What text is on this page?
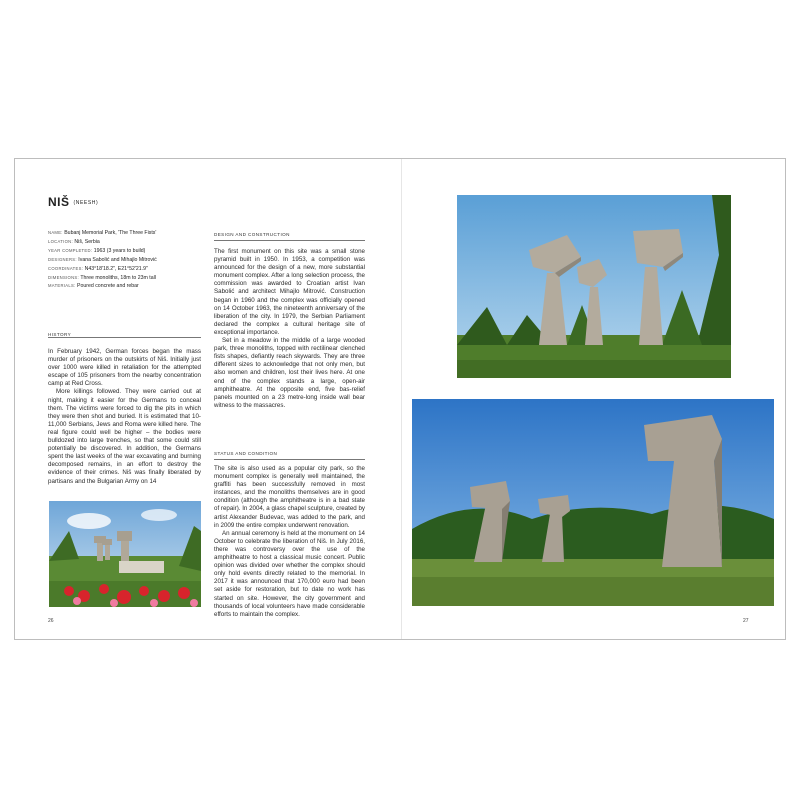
NIŠ (NEESH)
NAME: Bubanj Memorial Park, 'The Three Fists'
LOCATION: Niš, Serbia
YEAR COMPLETED: 1963 (3 years to build)
DESIGNERS: Ivana Sabolić and Mihajlo Mitrović
COORDINATES: N43°18'18.2", E21°52'21.9"
DIMENSIONS: Three monoliths, 18m to 23m tall
MATERIALS: Poured concrete and rebar
HISTORY

In February 1942, German forces began the mass murder of prisoners on the outskirts of Niš. Initially just over 1000 were killed in retaliation for the attempted escape of 105 prisoners from the nearby concentration camp at Red Cross.

More killings followed. They were carried out at night, making it easier for the Germans to conceal them. The victims were forced to dig the pits in which they were then shot and buried. It is estimated that 10-11,000 Serbians, Jews and Roma were killed here. The real figure could well be higher – the bodies were bulldozed into large trenches, so that some could still potentially be discovered. In addition, the Germans spent the last weeks of the war excavating and burning decomposed remains, in an effort to destroy the evidence of their crimes. Niš was finally liberated by partisans and the Bulgarian Army on 14

DESIGN AND CONSTRUCTION

The first monument on this site was a small stone pyramid built in 1950. In 1953, a competition was announced for the design of a new, more substantial monument complex. After a long selection process, the commission was awarded to Croatian artist Ivan Sabolić and architect Mihajlo Mitrović. Construction began in 1960 and the complex was officially opened on 14 October 1963, the nineteenth anniversary of the liberation of the city. In 1979, the Serbian Parliament declared the complex a cultural heritage site of exceptional importance.

Set in a meadow in the middle of a large wooded park, three monoliths, topped with rectilinear clenched fists shapes, defiantly reach skywards. They are three different sizes to acknowledge that not only men, but also women and children, lost their lives here. At one end of the complex stands a large, open-air amphitheatre. At the opposite end, five bas-relief panels mounted on a 23 metre-long inside wall bear witness to the massacres.

STATUS AND CONDITION

The site is also used as a popular city park, so the monument complex is generally well maintained, the graffiti has been successfully removed in most instances, and the monoliths themselves are in good condition (although the amphitheatre is in a bad state of repair). In 2004, a glass chapel sculpture, created by artist Alexander Budevac, was added to the park, and in 2009 the entire complex underwent renovation.

An annual ceremony is held at the monument on 14 October to celebrate the liberation of Niš. In July 2016, there was controversy over the use of the amphitheatre to host a classical music concert. Public opinion was divided over whether the complex should only hold events directly related to the memorial. In 2017 it was announced that 170,000 euro had been set aside for restoration, but to date no work has started on site. However, the city government and thousands of local volunteers have made considerable efforts to maintain the complex.

26	27
